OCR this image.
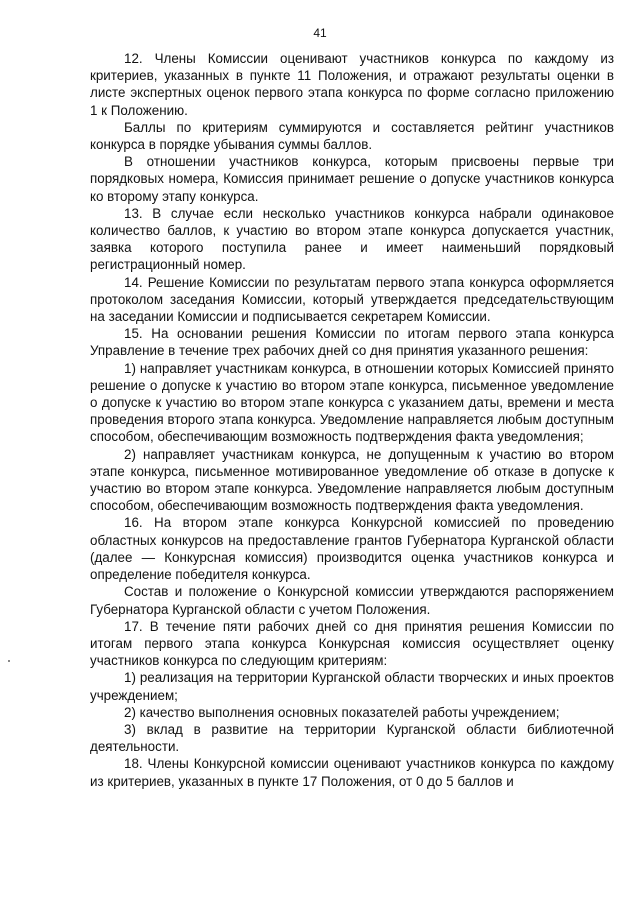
41

12. Члены Комиссии оценивают участников конкурса по каждому из критериев, указанных в пункте 11 Положения, и отражают результаты оценки в листе экспертных оценок первого этапа конкурса по форме согласно приложению 1 к Положению.

Баллы по критериям суммируются и составляется рейтинг участников конкурса в порядке убывания суммы баллов.

В отношении участников конкурса, которым присвоены первые три порядковых номера, Комиссия принимает решение о допуске участников конкурса ко второму этапу конкурса.

13. В случае если несколько участников конкурса набрали одинаковое количество баллов, к участию во втором этапе конкурса допускается участник, заявка которого поступила ранее и имеет наименьший порядковый регистрационный номер.

14. Решение Комиссии по результатам первого этапа конкурса оформляется протоколом заседания Комиссии, который утверждается председательствующим на заседании Комиссии и подписывается секретарем Комиссии.

15. На основании решения Комиссии по итогам первого этапа конкурса Управление в течение трех рабочих дней со дня принятия указанного решения:

1) направляет участникам конкурса, в отношении которых Комиссией принято решение о допуске к участию во втором этапе конкурса, письменное уведомление о допуске к участию во втором этапе конкурса с указанием даты, времени и места проведения второго этапа конкурса. Уведомление направляется любым доступным способом, обеспечивающим возможность подтверждения факта уведомления;

2) направляет участникам конкурса, не допущенным к участию во втором этапе конкурса, письменное мотивированное уведомление об отказе в допуске к участию во втором этапе конкурса. Уведомление направляется любым доступным способом, обеспечивающим возможность подтверждения факта уведомления.

16. На втором этапе конкурса Конкурсной комиссией по проведению областных конкурсов на предоставление грантов Губернатора Курганской области (далее — Конкурсная комиссия) производится оценка участников конкурса и определение победителя конкурса.

Состав и положение о Конкурсной комиссии утверждаются распоряжением Губернатора Курганской области с учетом Положения.

17. В течение пяти рабочих дней со дня принятия решения Комиссии по итогам первого этапа конкурса Конкурсная комиссия осуществляет оценку участников конкурса по следующим критериям:

1) реализация на территории Курганской области творческих и иных проектов учреждением;

2) качество выполнения основных показателей работы учреждением;

3) вклад в развитие на территории Курганской области библиотечной деятельности.

18. Члены Конкурсной комиссии оценивают участников конкурса по каждому из критериев, указанных в пункте 17 Положения, от 0 до 5 баллов и
